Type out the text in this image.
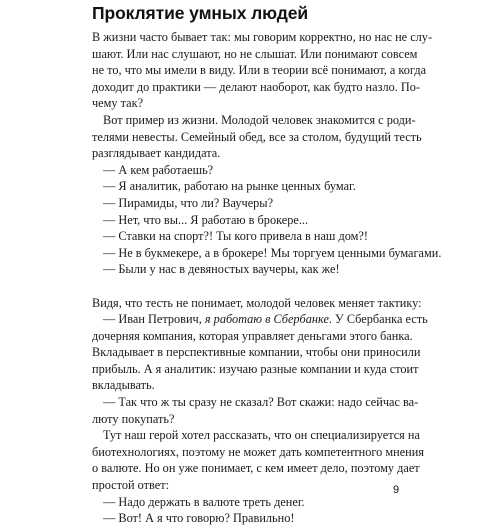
Проклятие умных людей
В жизни часто бывает так: мы говорим корректно, но нас не слу-
шают. Или нас слушают, но не слышат. Или понимают совсем
не то, что мы имели в виду. Или в теории всё понимают, а когда
доходит до практики — делают наоборот, как будто назло. По-
чему так?
Вот пример из жизни. Молодой человек знакомится с роди-
телями невесты. Семейный обед, все за столом, будущий тесть
разглядывает кандидата.
— А кем работаешь?
— Я аналитик, работаю на рынке ценных бумаг.
— Пирамиды, что ли? Ваучеры?
— Нет, что вы... Я работаю в брокере...
— Ставки на спорт?! Ты кого привела в наш дом?!
— Не в букмекере, а в брокере! Мы торгуем ценными бумагами.
— Были у нас в девяностых ваучеры, как же!
Видя, что тесть не понимает, молодой человек меняет тактику:
— Иван Петрович, я работаю в Сбербанке. У Сбербанка есть
дочерняя компания, которая управляет деньгами этого банка.
Вкладывает в перспективные компании, чтобы они приносили
прибыль. А я аналитик: изучаю разные компании и куда стоит
вкладывать.
— Так что ж ты сразу не сказал? Вот скажи: надо сейчас ва-
люту покупать?
Тут наш герой хотел рассказать, что он специализируется на
биотехнологиях, поэтому не может дать компетентного мнения
о валюте. Но он уже понимает, с кем имеет дело, поэтому дает
простой ответ:
— Надо держать в валюте треть денег.
— Вот! А я что говорю? Правильно!
9
